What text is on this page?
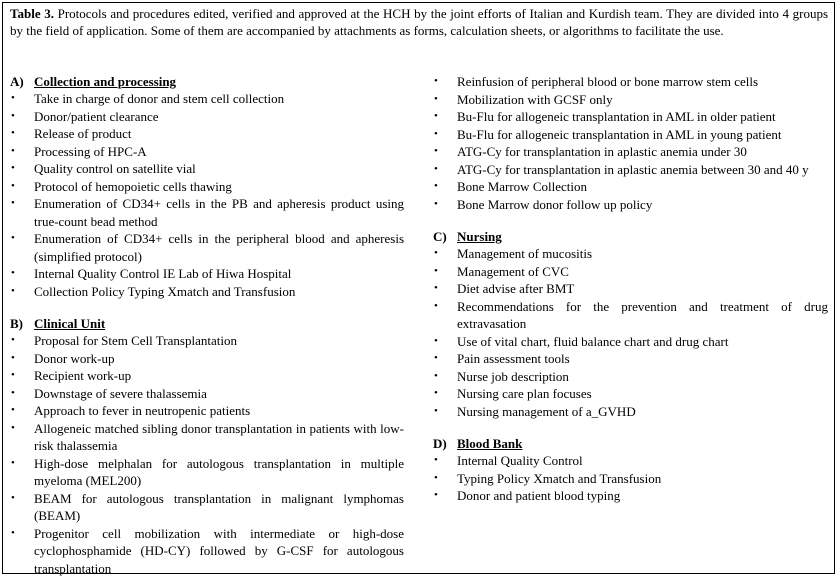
Table 3. Protocols and procedures edited, verified and approved at the HCH by the joint efforts of Italian and Kurdish team. They are divided into 4 groups by the field of application. Some of them are accompanied by attachments as forms, calculation sheets, or algorithms to facilitate the use.
A) Collection and processing
• Take in charge of donor and stem cell collection
• Donor/patient clearance
• Release of product
• Processing of HPC-A
• Quality control on satellite vial
• Protocol of hemopoietic cells thawing
• Enumeration of CD34+ cells in the PB and apheresis product using true-count bead method
• Enumeration of CD34+ cells in the peripheral blood and apheresis (simplified protocol)
• Internal Quality Control IE Lab of Hiwa Hospital
• Collection Policy Typing Xmatch and Transfusion
B) Clinical Unit
• Proposal for Stem Cell Transplantation
• Donor work-up
• Recipient work-up
• Downstage of severe thalassemia
• Approach to fever in neutropenic patients
• Allogeneic matched sibling donor transplantation in patients with low-risk thalassemia
• High-dose melphalan for autologous transplantation in multiple myeloma (MEL200)
• BEAM for autologous transplantation in malignant lymphomas (BEAM)
• Progenitor cell mobilization with intermediate or high-dose cyclophosphamide (HD-CY) followed by G-CSF for autologous transplantation
• Reinfusion of peripheral blood or bone marrow stem cells
• Mobilization with GCSF only
• Bu-Flu for allogeneic transplantation in AML in older patient
• Bu-Flu for allogeneic transplantation in AML in young patient
• ATG-Cy for transplantation in aplastic anemia under 30
• ATG-Cy for transplantation in aplastic anemia between 30 and 40 y
• Bone Marrow Collection
• Bone Marrow donor follow up policy
C) Nursing
• Management of mucositis
• Management of CVC
• Diet advise after BMT
• Recommendations for the prevention and treatment of drug extravasation
• Use of vital chart, fluid balance chart and drug chart
• Pain assessment tools
• Nurse job description
• Nursing care plan focuses
• Nursing management of a_GVHD
D) Blood Bank
• Internal Quality Control
• Typing Policy Xmatch and Transfusion
• Donor and patient blood typing
